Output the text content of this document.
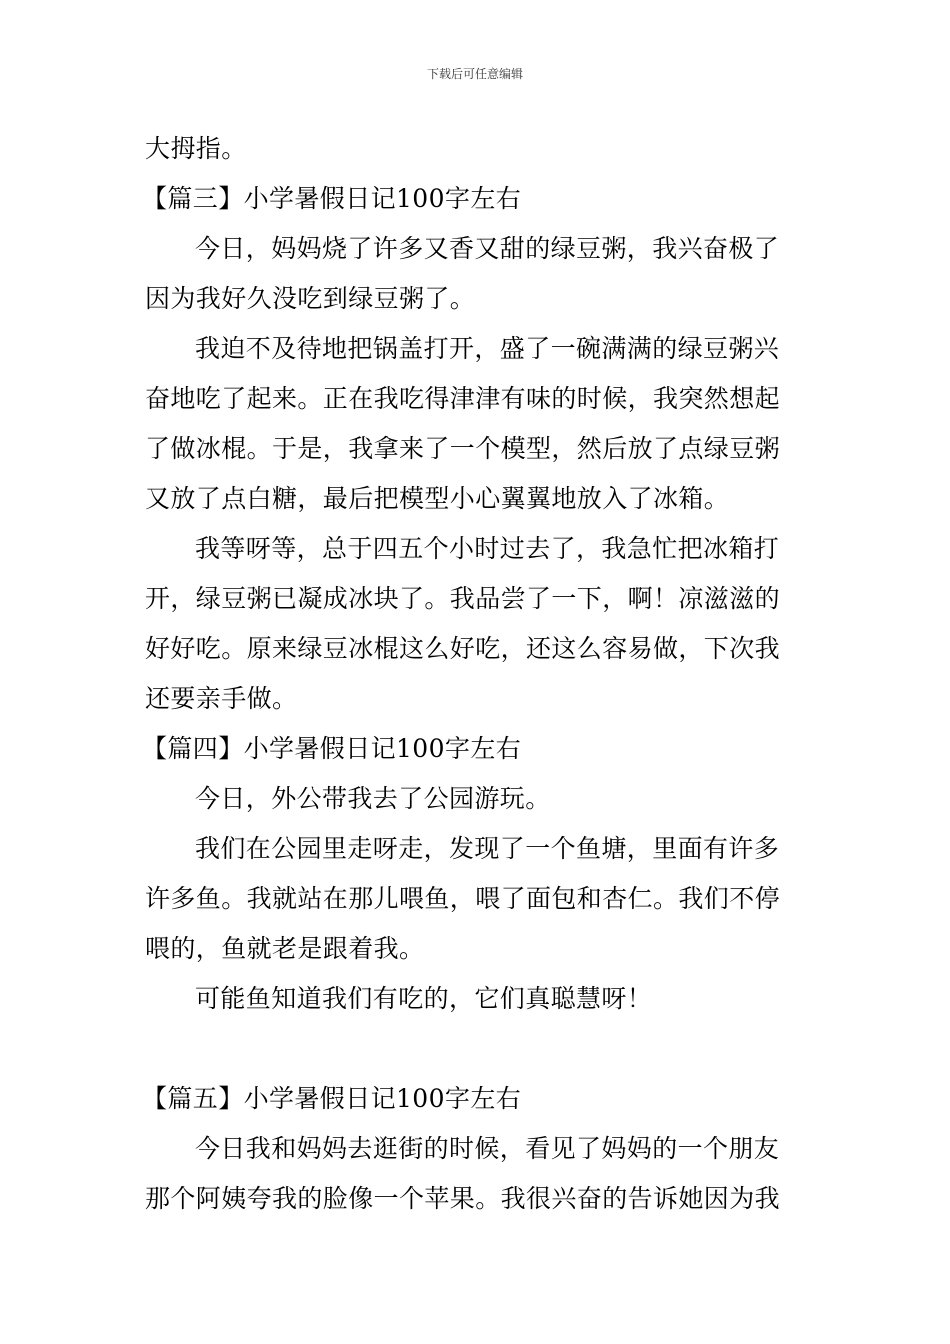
下载后可任意编辑

大拇指。

【篇三】小学暑假日记100字左右

今日，妈妈烧了许多又香又甜的绿豆粥，我兴奋极了

因为我好久没吃到绿豆粥了。

我迫不及待地把锅盖打开，盛了一碗满满的绿豆粥兴

奋地吃了起来。正在我吃得津津有味的时候，我突然想起

了做冰棍。于是，我拿来了一个模型，然后放了点绿豆粥

又放了点白糖，最后把模型小心翼翼地放入了冰箱。

我等呀等，总于四五个小时过去了，我急忙把冰箱打

开，绿豆粥已凝成冰块了。我品尝了一下，啊！凉滋滋的

好好吃。原来绿豆冰棍这么好吃，还这么容易做，下次我

还要亲手做。

【篇四】小学暑假日记100字左右

今日，外公带我去了公园游玩。

我们在公园里走呀走，发现了一个鱼塘，里面有许多

许多鱼。我就站在那儿喂鱼，喂了面包和杏仁。我们不停

喂的，鱼就老是跟着我。

可能鱼知道我们有吃的，它们真聪慧呀！

【篇五】小学暑假日记100字左右

今日我和妈妈去逛街的时候，看见了妈妈的一个朋友

那个阿姨夸我的脸像一个苹果。我很兴奋的告诉她因为我
